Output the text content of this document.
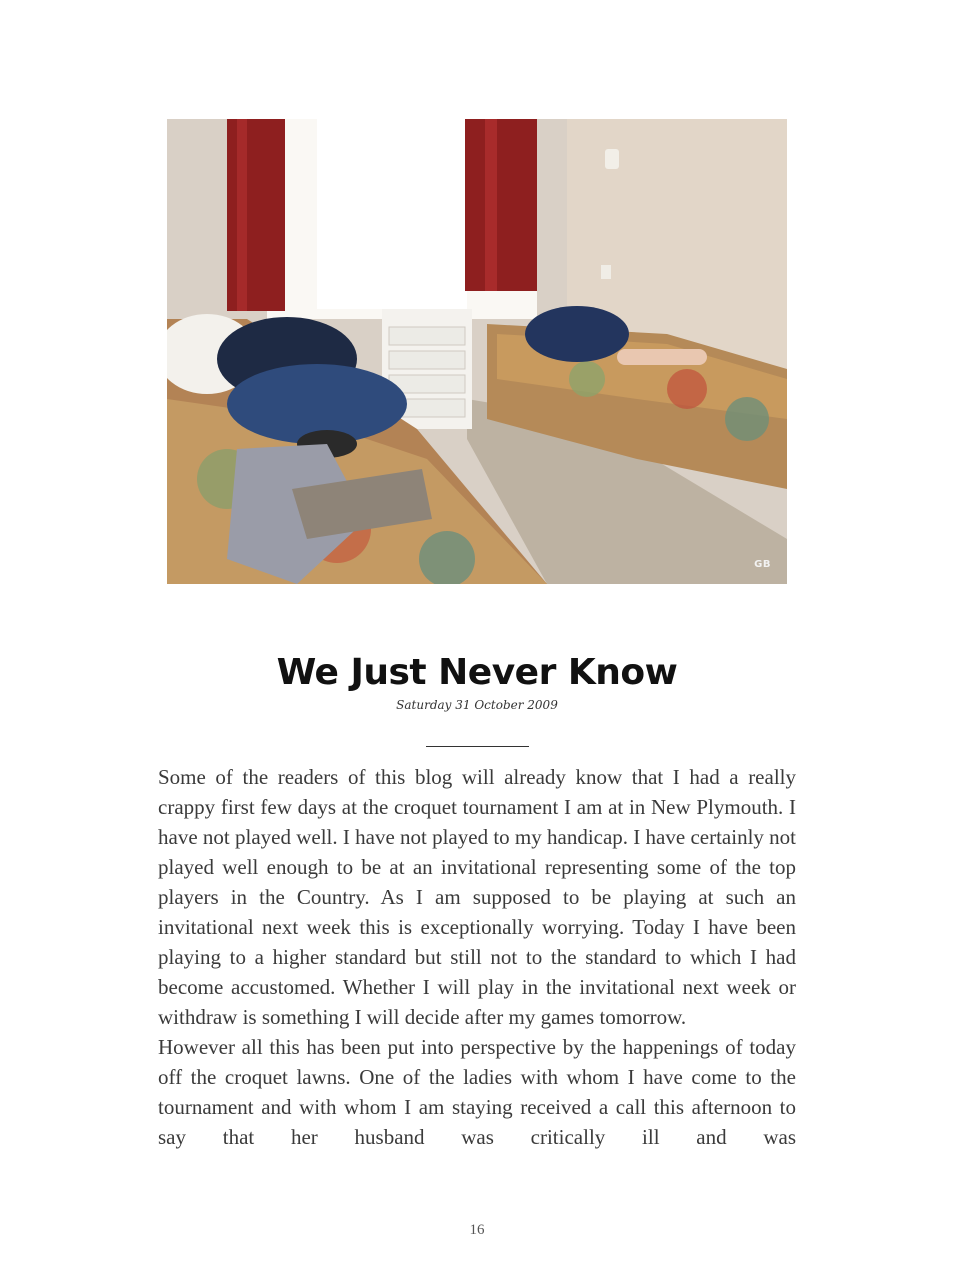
GB
We Just Never Know
Saturday 31 October 2009

Some of the readers of this blog will already know that I had a really crappy first few days at the croquet tournament I am at in New Plymouth. I have not played well. I have not played to my handicap. I have certainly not played well enough to be at an invitational representing some of the top players in the Country. As I am supposed to be playing at such an invitational next week this is exceptionally worrying. Today I have been playing to a higher standard but still not to the standard to which I had become accustomed. Whether I will play in the invitational next week or withdraw is something I will decide after my games tomorrow.

However all this has been put into perspective by the happenings of today off the croquet lawns. One of the ladies with whom I have come to the tournament and with whom I am staying received a call this afternoon to say that her husband was critically ill and was

16
